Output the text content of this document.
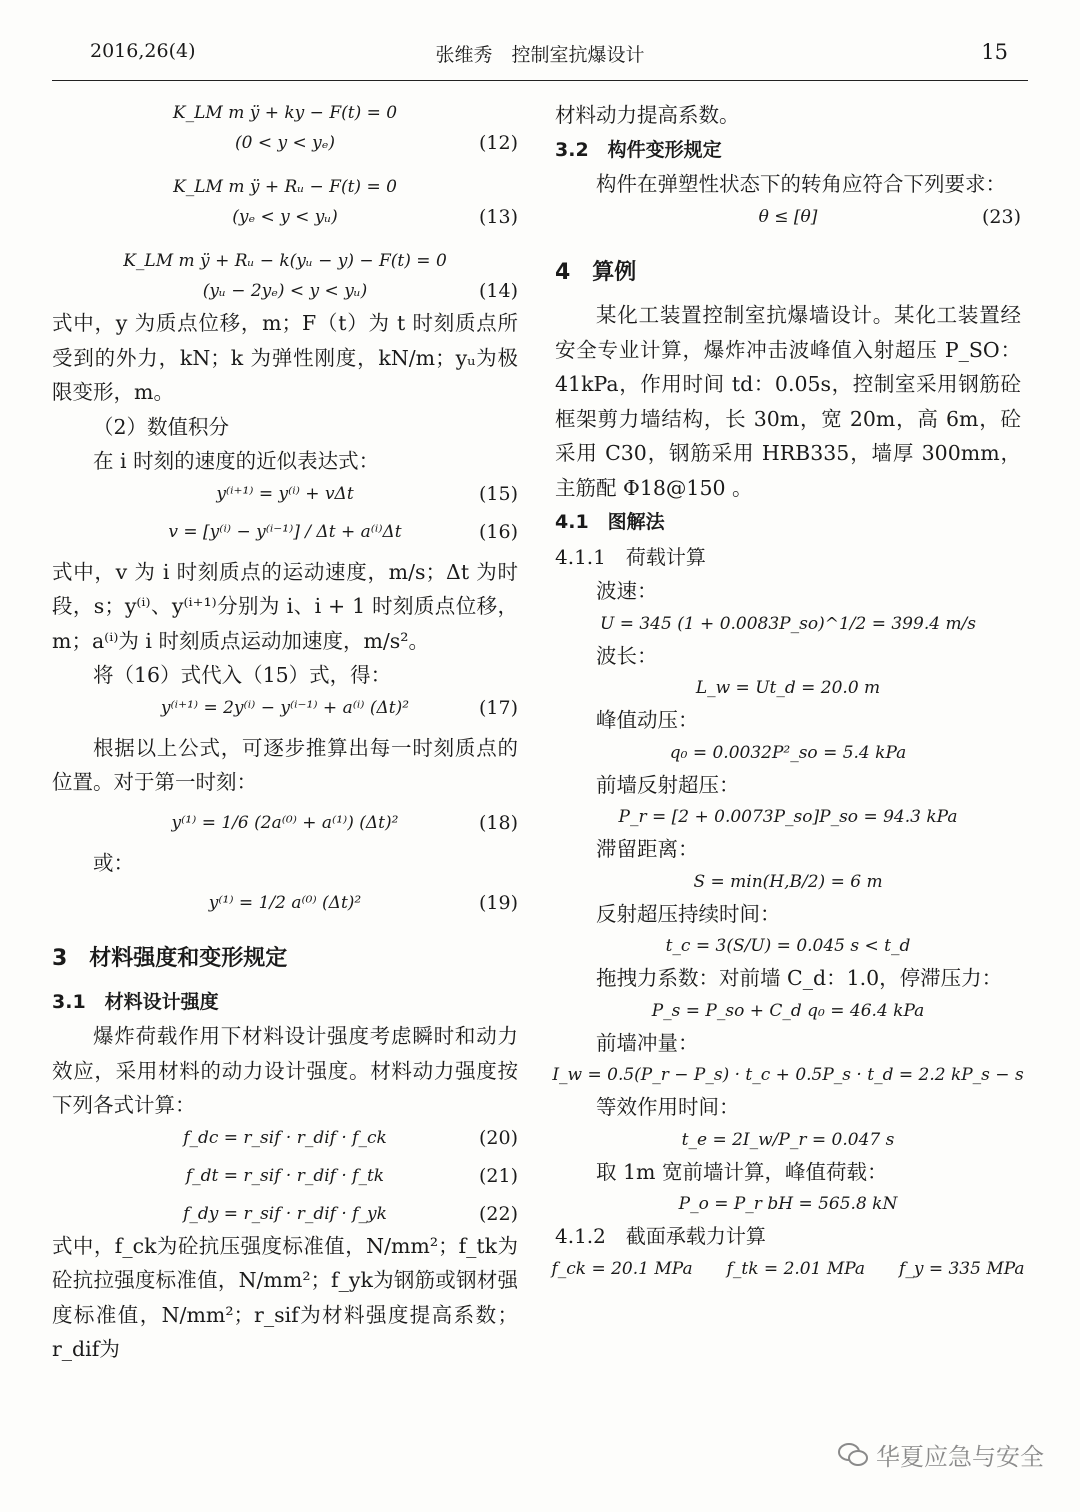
2016,26(4)	张维秀　控制室抗爆设计	15
K_LM m ÿ + ky − F(t) = 0
(0 < y < yₑ)	(12)
K_LM m ÿ + Rᵤ − F(t) = 0
(yₑ < y < yᵤ)	(13)
K_LM m ÿ + Rᵤ − k(yᵤ − y) − F(t) = 0
(yᵤ − 2yₑ) < y < yᵤ)	(14)

式中，y 为质点位移，m；F（t）为 t 时刻质点所受到的外力，kN；k 为弹性刚度，kN/m；yᵤ为极限变形，m。

（2）数值积分

在 i 时刻的速度的近似表达式：

y⁽ⁱ⁺¹⁾ = y⁽ⁱ⁾ + vΔt	(15)
v = [y⁽ⁱ⁾ − y⁽ⁱ⁻¹⁾] / Δt + a⁽ⁱ⁾Δt	(16)

式中，v 为 i 时刻质点的运动速度，m/s；Δt 为时段，s；y⁽ⁱ⁾、y⁽ⁱ⁺¹⁾分别为 i、i + 1 时刻质点位移，m；a⁽ⁱ⁾为 i 时刻质点运动加速度，m/s²。

将（16）式代入（15）式，得：

y⁽ⁱ⁺¹⁾ = 2y⁽ⁱ⁾ − y⁽ⁱ⁻¹⁾ + a⁽ⁱ⁾ (Δt)²	(17)

根据以上公式，可逐步推算出每一时刻质点的位置。对于第一时刻：

y⁽¹⁾ = 1/6 (2a⁽⁰⁾ + a⁽¹⁾) (Δt)²	(18)

或：

y⁽¹⁾ = 1/2 a⁽⁰⁾ (Δt)²	(19)

3　材料强度和变形规定

3.1　材料设计强度

爆炸荷载作用下材料设计强度考虑瞬时和动力效应，采用材料的动力设计强度。材料动力强度按下列各式计算：

f_dc = r_sif · r_dif · f_ck	(20)
f_dt = r_sif · r_dif · f_tk	(21)
f_dy = r_sif · r_dif · f_yk	(22)

式中，f_ck为砼抗压强度标准值，N/mm²；f_tk为砼抗拉强度标准值，N/mm²；f_yk为钢筋或钢材强度标准值，N/mm²；r_sif为材料强度提高系数；r_dif为

材料动力提高系数。

3.2　构件变形规定

构件在弹塑性状态下的转角应符合下列要求：

θ ≤ [θ]	(23)

4　算例

某化工装置控制室抗爆墙设计。某化工装置经安全专业计算，爆炸冲击波峰值入射超压 P_SO：41kPa，作用时间 td：0.05s，控制室采用钢筋砼框架剪力墙结构，长 30m，宽 20m，高 6m，砼采用 C30，钢筋采用 HRB335，墙厚 300mm，主筋配 Φ18@150 。

4.1　图解法

4.1.1　荷载计算

波速：

U = 345 (1 + 0.0083P_so)^1/2 = 399.4 m/s

波长：

L_w = Ut_d = 20.0 m

峰值动压：

q₀ = 0.0032P²_so = 5.4 kPa

前墙反射超压：

P_r = [2 + 0.0073P_so]P_so = 94.3 kPa

滞留距离：

S = min(H,B/2) = 6 m

反射超压持续时间：

t_c = 3(S/U) = 0.045 s < t_d

拖拽力系数：对前墙 C_d：1.0，停滞压力：

P_s = P_so + C_d q₀ = 46.4 kPa

前墙冲量：

I_w = 0.5(P_r − P_s) · t_c + 0.5P_s · t_d = 2.2 kP_s − s

等效作用时间：

t_e = 2I_w/P_r = 0.047 s

取 1m 宽前墙计算，峰值荷载：

P_o = P_r bH = 565.8 kN

4.1.2　截面承载力计算

f_ck = 20.1 MPa　　f_tk = 2.01 MPa　　f_y = 335 MPa
华夏应急与安全
